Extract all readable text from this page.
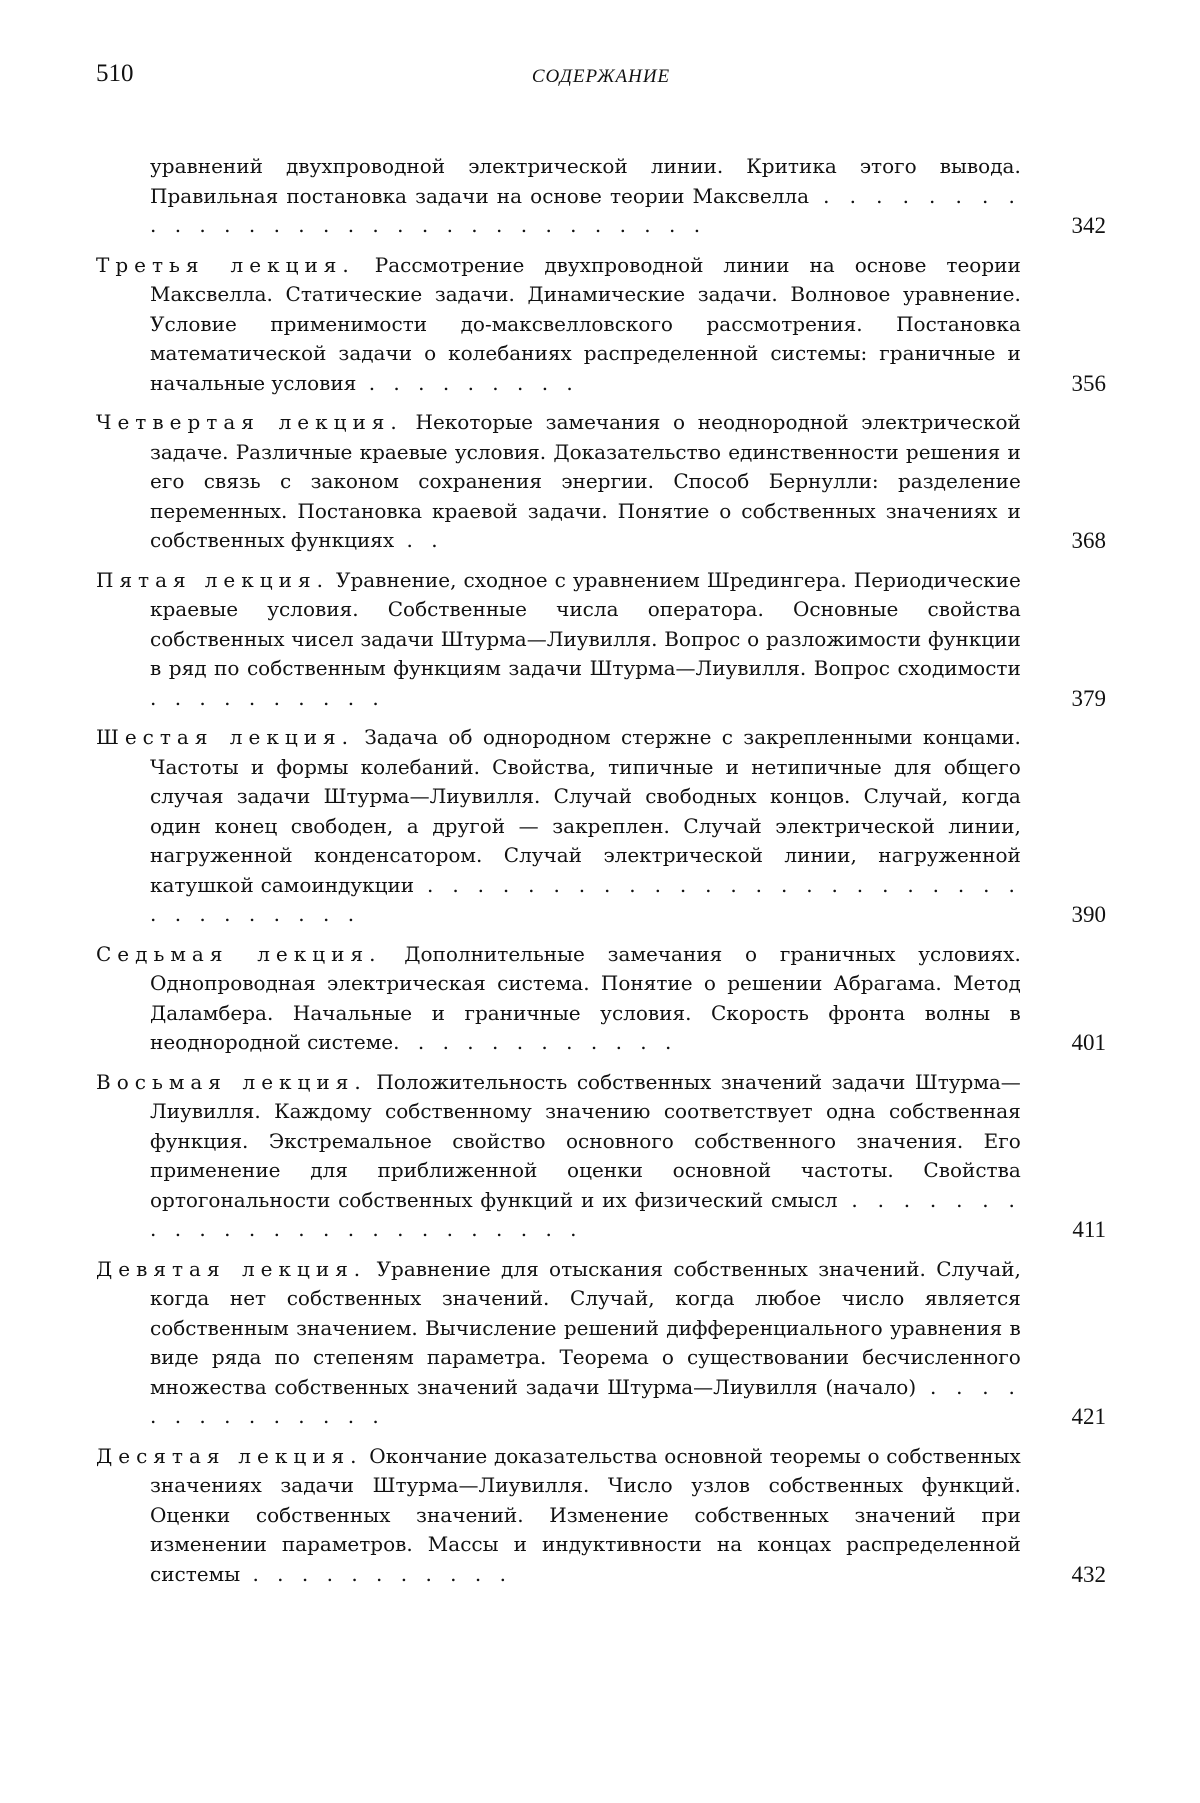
510	СОДЕРЖАНИЕ
уравнений двухпроводной электрической линии. Критика этого вывода. Правильная постановка задачи на основе теории Максвелла . . . . . . . . . . . . . . . . . . . . . . . . . . . . . . .	342
Третья лекция. Рассмотрение двухпроводной линии на основе теории Максвелла. Статические задачи. Динамические задачи. Волновое уравнение. Условие применимости до-максвелловского рассмотрения. Постановка математической задачи о колебаниях распределенной системы: граничные и начальные условия . . . . . . . . .	356
Четвертая лекция. Некоторые замечания о неоднородной электрической задаче. Различные краевые условия. Доказательство единственности решения и его связь с законом сохранения энергии. Способ Бернулли: разделение переменных. Постановка краевой задачи. Понятие о собственных значениях и собственных функциях . .	368
Пятая лекция. Уравнение, сходное с уравнением Шредингера. Периодические краевые условия. Собственные числа оператора. Основные свойства собственных чисел задачи Штурма—Лиувилля. Вопрос о разложимости функции в ряд по собственным функциям задачи Штурма—Лиувилля. Вопрос сходимости . . . . . . . . . .	379
Шестая лекция. Задача об однородном стержне с закрепленными концами. Частоты и формы колебаний. Свойства, типичные и нетипичные для общего случая задачи Штурма—Лиувилля. Случай свободных концов. Случай, когда один конец свободен, а другой — закреплен. Случай электрической линии, нагруженной конденсатором. Случай электрической линии, нагруженной катушкой самоиндукции . . . . . . . . . . . . . . . . . . . . . . . . . . . . . . . . .	390
Седьмая лекция. Дополнительные замечания о граничных условиях. Однопроводная электрическая система. Понятие о решении Абрагама. Метод Даламбера. Начальные и граничные условия. Скорость фронта волны в неоднородной системе. . . . . . . . . . . .	401
Восьмая лекция. Положительность собственных значений задачи Штурма—Лиувилля. Каждому собственному значению соответствует одна собственная функция. Экстремальное свойство основного собственного значения. Его применение для приближенной оценки основной частоты. Свойства ортогональности собственных функций и их физический смысл . . . . . . . . . . . . . . . . . . . . . . . . .	411
Девятая лекция. Уравнение для отыскания собственных значений. Случай, когда нет собственных значений. Случай, когда любое число является собственным значением. Вычисление решений дифференциального уравнения в виде ряда по степеням параметра. Теорема о существовании бесчисленного множества собственных значений задачи Штурма—Лиувилля (начало) . . . . . . . . . . . . . .	421
Десятая лекция. Окончание доказательства основной теоремы о собственных значениях задачи Штурма—Лиувилля. Число узлов собственных функций. Оценки собственных значений. Изменение собственных значений при изменении параметров. Массы и индуктивности на концах распределенной системы . . . . . . . . . . .	432
